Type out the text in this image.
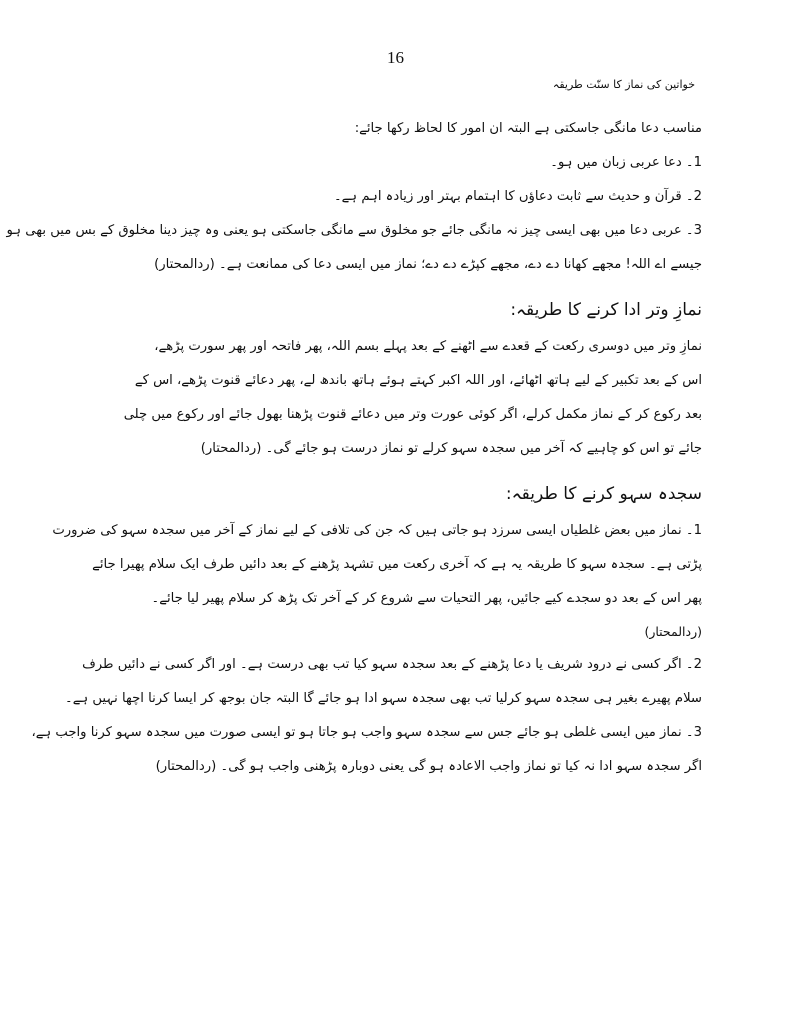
16
خواتین کی نماز کا سنّت طریقہ
مناسب دعا مانگی جاسکتی ہے البتہ ان امور کا لحاظ رکھا جائے:
1۔ دعا عربی زبان میں ہو۔
2۔ قرآن و حدیث سے ثابت دعاؤں کا اہتمام بہتر اور زیادہ اہم ہے۔
3۔ عربی دعا میں بھی ایسی چیز نہ مانگی جائے جو مخلوق سے مانگی جاسکتی ہو یعنی وہ چیز دینا مخلوق کے بس میں بھی ہو
جیسے اے اللہ! مجھے کھانا دے دے، مجھے کپڑے دے دے؛ نماز میں ایسی دعا کی ممانعت ہے۔ (ردالمحتار)
نمازِ وتر ادا کرنے کا طریقہ:
نمازِ وتر میں دوسری رکعت کے قعدے سے اٹھنے کے بعد پہلے بسم اللہ، پھر فاتحہ اور پھر سورت پڑھے،
اس کے بعد تکبیر کے لیے ہاتھ اٹھائے، اور اللہ اکبر کہتے ہوئے ہاتھ باندھ لے، پھر دعائے قنوت پڑھے، اس کے
بعد رکوع کر کے نماز مکمل کرلے، اگر کوئی عورت وتر میں دعائے قنوت پڑھنا بھول جائے اور رکوع میں چلی
جائے تو اس کو چاہیے کہ آخر میں سجدہ سہو کرلے تو نماز درست ہو جائے گی۔ (ردالمحتار)
سجدہ سہو کرنے کا طریقہ:
1۔ نماز میں بعض غلطیاں ایسی سرزد ہو جاتی ہیں کہ جن کی تلافی کے لیے نماز کے آخر میں سجدہ سہو کی ضرورت
پڑتی ہے۔ سجدہ سہو کا طریقہ یہ ہے کہ آخری رکعت میں تشہد پڑھنے کے بعد دائیں طرف ایک سلام پھیرا جائے
پھر اس کے بعد دو سجدے کیے جائیں، پھر التحیات سے شروع کر کے آخر تک پڑھ کر سلام پھیر لیا جائے۔
(ردالمحتار)
2۔ اگر کسی نے درود شریف یا دعا پڑھنے کے بعد سجدہ سہو کیا تب بھی درست ہے۔ اور اگر کسی نے دائیں طرف
سلام پھیرے بغیر ہی سجدہ سہو کرلیا تب بھی سجدہ سہو ادا ہو جائے گا البتہ جان بوجھ کر ایسا کرنا اچھا نہیں ہے۔
3۔ نماز میں ایسی غلطی ہو جائے جس سے سجدہ سہو واجب ہو جاتا ہو تو ایسی صورت میں سجدہ سہو کرنا واجب ہے،
اگر سجدہ سہو ادا نہ کیا تو نماز واجب الاعادہ ہو گی یعنی دوبارہ پڑھنی واجب ہو گی۔ (ردالمحتار)
